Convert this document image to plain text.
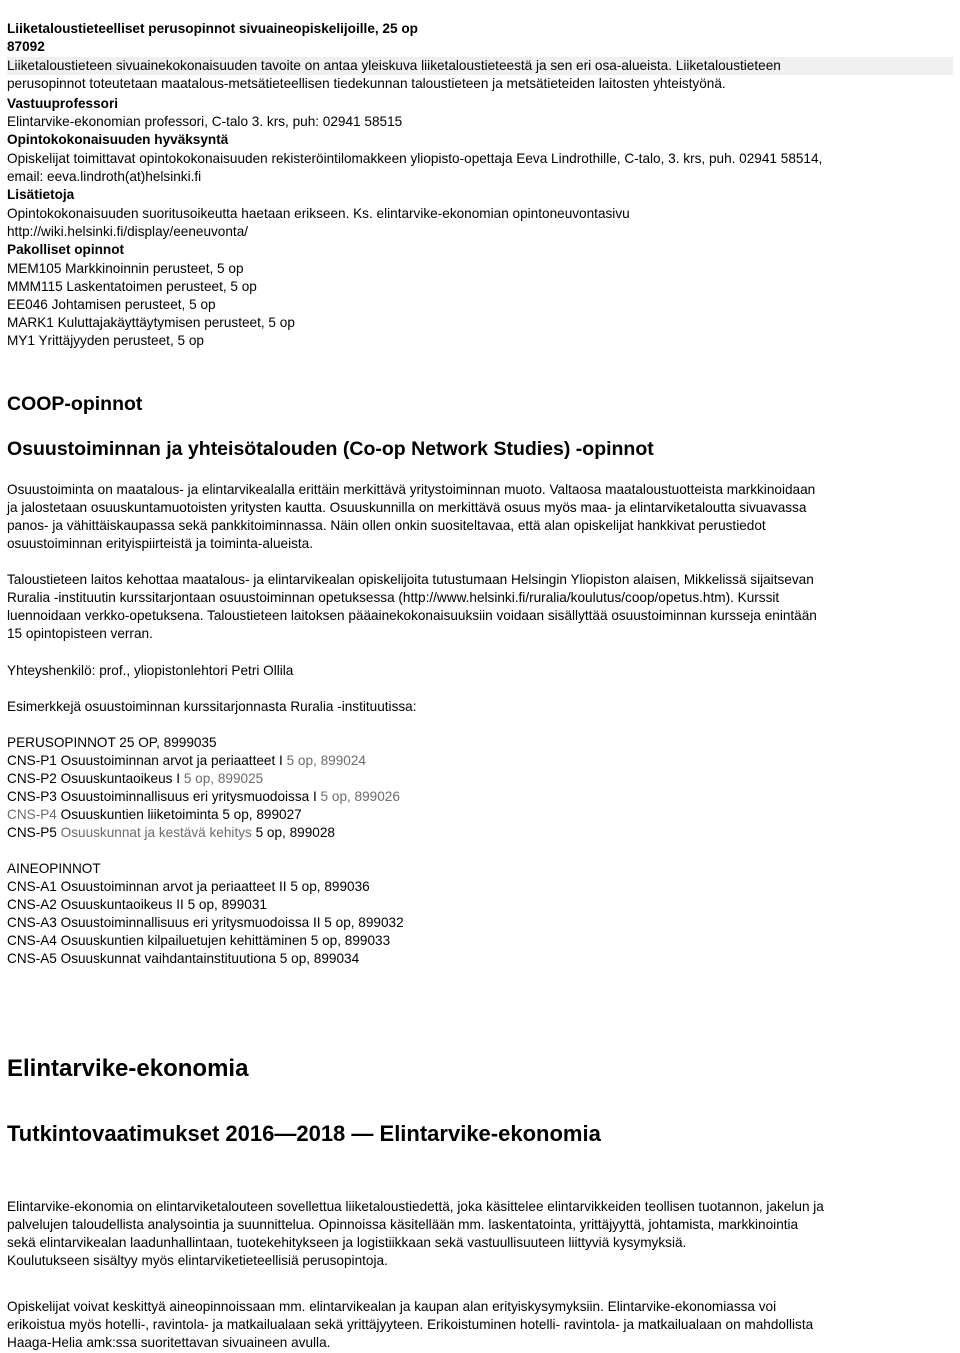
Liiketaloustieteelliset perusopinnot sivuaineopiskelijoille, 25 op
87092
Liiketaloustieteen sivuainekokonaisuuden tavoite on antaa yleiskuva liiketaloustieteestä ja sen eri osa-alueista. Liiketaloustieteen
perusopinnot toteutetaan maatalous-metsätieteellisen tiedekunnan taloustieteen ja metsätieteiden laitosten yhteistyönä.
Vastuuprofessori
Elintarvike-ekonomian professori, C-talo 3. krs, puh: 02941 58515
Opintokokonaisuuden hyväksyntä
Opiskelijat toimittavat opintokokonaisuuden rekisteröintilomakkeen yliopisto-opettaja Eeva Lindrothille, C-talo, 3. krs, puh. 02941 58514,
email: eeva.lindroth(at)helsinki.fi
Lisätietoja
Opintokokonaisuuden suoritusoikeutta haetaan erikseen. Ks. elintarvike-ekonomian opintoneuvontasivu
http://wiki.helsinki.fi/display/eeneuvonta/
Pakolliset opinnot
MEM105 Markkinoinnin perusteet, 5 op
MMM115 Laskentatoimen perusteet, 5 op
EE046 Johtamisen perusteet, 5 op
MARK1 Kuluttajakäyttäytymisen perusteet, 5 op
MY1 Yrittäjyyden perusteet, 5 op
COOP-opinnot
Osuustoiminnan ja yhteisötalouden (Co-op Network Studies) -opinnot
Osuustoiminta on maatalous- ja elintarvikealalla erittäin merkittävä yritystoiminnan muoto. Valtaosa maataloustuotteista markkinoidaan
ja jalostetaan osuuskuntamuotoisten yritysten kautta. Osuuskunnilla on merkittävä osuus myös maa- ja elintarviketaloutta sivuavassa
panos- ja vähittäiskaupassa sekä pankkitoiminnassa. Näin ollen onkin suositeltavaa, että alan opiskelijat hankkivat perustiedot
osuustoiminnan erityispiirteistä ja toiminta-alueista.
Taloustieteen laitos kehottaa maatalous- ja elintarvikealan opiskelijoita tutustumaan Helsingin Yliopiston alaisen, Mikkelissä sijaitsevan
Ruralia -instituutin kurssitarjontaan osuustoiminnan opetuksessa (http://www.helsinki.fi/ruralia/koulutus/coop/opetus.htm). Kurssit
luennoidaan verkko-opetuksena. Taloustieteen laitoksen pääainekokonaisuuksiin voidaan sisällyttää osuustoiminnan kursseja enintään
15 opintopisteen verran.
Yhteyshenkilö: prof., yliopistonlehtori Petri Ollila
Esimerkkejä osuustoiminnan kurssitarjonnasta Ruralia -instituutissa:
PERUSOPINNOT 25 OP, 8999035
CNS-P1 Osuustoiminnan arvot ja periaatteet I 5 op, 899024
CNS-P2 Osuuskuntaoikeus I 5 op, 899025
CNS-P3 Osuustoiminnallisuus eri yritysmuodoissa I 5 op, 899026
CNS-P4 Osuuskuntien liiketoiminta 5 op, 899027
CNS-P5 Osuuskunnat ja kestävä kehitys 5 op, 899028
AINEOPINNOT
CNS-A1 Osuustoiminnan arvot ja periaatteet II 5 op, 899036
CNS-A2 Osuuskuntaoikeus II 5 op, 899031
CNS-A3 Osuustoiminnallisuus eri yritysmuodoissa II 5 op, 899032
CNS-A4 Osuuskuntien kilpailuetujen kehittäminen 5 op, 899033
CNS-A5 Osuuskunnat vaihdantainstituutiona 5 op, 899034
Elintarvike-ekonomia
Tutkintovaatimukset 2016—2018 — Elintarvike-ekonomia
Elintarvike-ekonomia on elintarviketalouteen sovellettua liiketaloustiedettä, joka käsittelee elintarvikkeiden teollisen tuotannon, jakelun ja
palvelujen taloudellista analysointia ja suunnittelua. Opinnoissa käsitellään mm. laskentatointa, yrittäjyyttä, johtamista, markkinointia
sekä elintarvikealan laadunhallintaan, tuotekehitykseen ja logistiikkaan sekä vastuullisuuteen liittyviä kysymyksiä.
Koulutukseen sisältyy myös elintarviketieteellisiä perusopintoja.
Opiskelijat voivat keskittyä aineopinnoissaan mm. elintarvikealan ja kaupan alan erityiskysymyksiin. Elintarvike-ekonomiassa voi
erikoistua myös hotelli-, ravintola- ja matkailualaan sekä yrittäjyyteen. Erikoistuminen hotelli- ravintola- ja matkailualaan on mahdollista
Haaga-Helia amk:ssa suoritettavan sivuaineen avulla.
